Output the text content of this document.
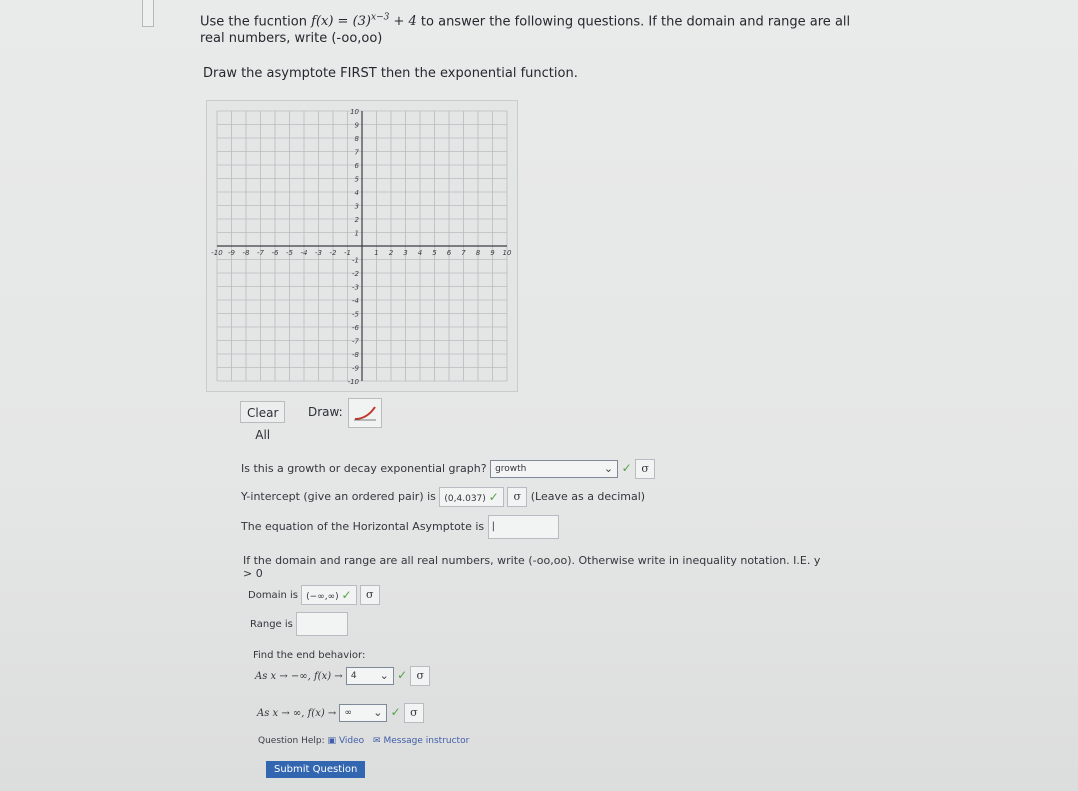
Use the fucntion $f(x) = (3)^{x-3} + 4$ to answer the following questions. If the domain and range are all
real numbers, write (-oo,oo)
Draw the asymptote FIRST then the exponential function.
-10 -9 -8 -7 -6 -5 -4 -3 -2 -1	1 2 3 4 5 6 7 8 9 10
10
9
8
7
6
5
4
3
2
1
-1
-2
-3
-4
-5
-6
-7
-8
-9
-10
Clear All
Draw:
Is this a growth or decay exponential graph? growth	⌄ ✓ σ
Y-intercept (give an ordered pair) is (0,4.037) ✓ σ (Leave as a decimal)
The equation of the Horizontal Asymptote is |
If the domain and range are all real numbers, write (-oo,oo). Otherwise write in inequality notation. I.E. y
> 0
Domain is (−∞,∞) ✓ σ
Range is
Find the end behavior:
As x → −∞, f(x) → 4 ⌄ ✓ σ
As x → ∞, f(x) → ∞ ⌄ ✓ σ
Question Help: ▣ Video ✉ Message instructor
Submit Question
